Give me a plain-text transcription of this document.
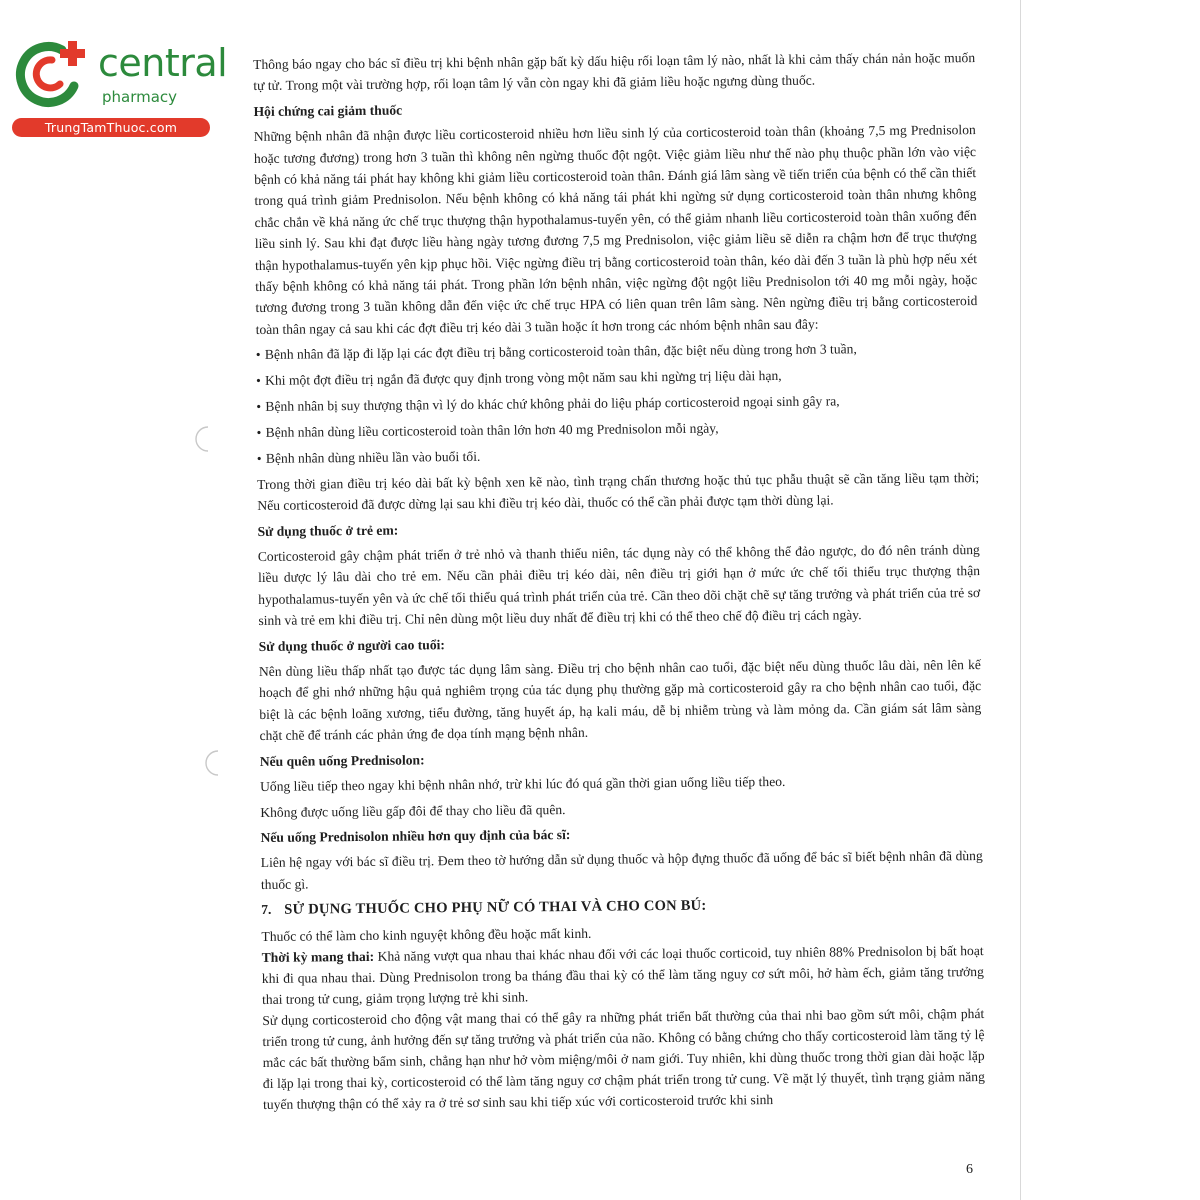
central
pharmacy
TrungTamThuoc.com

Thông báo ngay cho bác sĩ điều trị khi bệnh nhân gặp bất kỳ dấu hiệu rối loạn tâm lý nào, nhất là khi cảm thấy chán nản hoặc muốn tự tử. Trong một vài trường hợp, rối loạn tâm lý vẫn còn ngay khi đã giảm liều hoặc ngưng dùng thuốc.

Hội chứng cai giảm thuốc

Những bệnh nhân đã nhận được liều corticosteroid nhiều hơn liều sinh lý của corticosteroid toàn thân (khoảng 7,5 mg Prednisolon hoặc tương đương) trong hơn 3 tuần thì không nên ngừng thuốc đột ngột. Việc giảm liều như thế nào phụ thuộc phần lớn vào việc bệnh có khả năng tái phát hay không khi giảm liều corticosteroid toàn thân. Đánh giá lâm sàng về tiến triển của bệnh có thể cần thiết trong quá trình giảm Prednisolon. Nếu bệnh không có khả năng tái phát khi ngừng sử dụng corticosteroid toàn thân nhưng không chắc chắn về khả năng ức chế trục thượng thận hypothalamus-tuyến yên, có thể giảm nhanh liều corticosteroid toàn thân xuống đến liều sinh lý. Sau khi đạt được liều hàng ngày tương đương 7,5 mg Prednisolon, việc giảm liều sẽ diễn ra chậm hơn để trục thượng thận hypothalamus-tuyến yên kịp phục hồi. Việc ngừng điều trị bằng corticosteroid toàn thân, kéo dài đến 3 tuần là phù hợp nếu xét thấy bệnh không có khả năng tái phát. Trong phần lớn bệnh nhân, việc ngừng đột ngột liều Prednisolon tới 40 mg mỗi ngày, hoặc tương đương trong 3 tuần không dẫn đến việc ức chế trục HPA có liên quan trên lâm sàng. Nên ngừng điều trị bằng corticosteroid toàn thân ngay cả sau khi các đợt điều trị kéo dài 3 tuần hoặc ít hơn trong các nhóm bệnh nhân sau đây:

• Bệnh nhân đã lặp đi lặp lại các đợt điều trị bằng corticosteroid toàn thân, đặc biệt nếu dùng trong hơn 3 tuần,

• Khi một đợt điều trị ngắn đã được quy định trong vòng một năm sau khi ngừng trị liệu dài hạn,

• Bệnh nhân bị suy thượng thận vì lý do khác chứ không phải do liệu pháp corticosteroid ngoại sinh gây ra,

• Bệnh nhân dùng liều corticosteroid toàn thân lớn hơn 40 mg Prednisolon mỗi ngày,

• Bệnh nhân dùng nhiều lần vào buổi tối.

Trong thời gian điều trị kéo dài bất kỳ bệnh xen kẽ nào, tình trạng chấn thương hoặc thủ tục phẫu thuật sẽ cần tăng liều tạm thời; Nếu corticosteroid đã được dừng lại sau khi điều trị kéo dài, thuốc có thể cần phải được tạm thời dùng lại.

Sử dụng thuốc ở trẻ em:

Corticosteroid gây chậm phát triển ở trẻ nhỏ và thanh thiếu niên, tác dụng này có thể không thể đảo ngược, do đó nên tránh dùng liều dược lý lâu dài cho trẻ em. Nếu cần phải điều trị kéo dài, nên điều trị giới hạn ở mức ức chế tối thiểu trục thượng thận hypothalamus-tuyến yên và ức chế tối thiểu quá trình phát triển của trẻ. Cần theo dõi chặt chẽ sự tăng trưởng và phát triển của trẻ sơ sinh và trẻ em khi điều trị. Chỉ nên dùng một liều duy nhất để điều trị khi có thể theo chế độ điều trị cách ngày.

Sử dụng thuốc ở người cao tuổi:

Nên dùng liều thấp nhất tạo được tác dụng lâm sàng. Điều trị cho bệnh nhân cao tuổi, đặc biệt nếu dùng thuốc lâu dài, nên lên kế hoạch để ghi nhớ những hậu quả nghiêm trọng của tác dụng phụ thường gặp mà corticosteroid gây ra cho bệnh nhân cao tuổi, đặc biệt là các bệnh loãng xương, tiểu đường, tăng huyết áp, hạ kali máu, dễ bị nhiễm trùng và làm mỏng da. Cần giám sát lâm sàng chặt chẽ để tránh các phản ứng đe dọa tính mạng bệnh nhân.

Nếu quên uống Prednisolon:

Uống liều tiếp theo ngay khi bệnh nhân nhớ, trừ khi lúc đó quá gần thời gian uống liều tiếp theo.

Không được uống liều gấp đôi để thay cho liều đã quên.

Nếu uống Prednisolon nhiều hơn quy định của bác sĩ:

Liên hệ ngay với bác sĩ điều trị. Đem theo tờ hướng dẫn sử dụng thuốc và hộp đựng thuốc đã uống để bác sĩ biết bệnh nhân đã dùng thuốc gì.

7. SỬ DỤNG THUỐC CHO PHỤ NỮ CÓ THAI VÀ CHO CON BÚ:

Thuốc có thể làm cho kinh nguyệt không đều hoặc mất kinh.

Thời kỳ mang thai: Khả năng vượt qua nhau thai khác nhau đối với các loại thuốc corticoid, tuy nhiên 88% Prednisolon bị bất hoạt khi đi qua nhau thai. Dùng Prednisolon trong ba tháng đầu thai kỳ có thể làm tăng nguy cơ sứt môi, hở hàm ếch, giảm tăng trưởng thai trong tử cung, giảm trọng lượng trẻ khi sinh.

Sử dụng corticosteroid cho động vật mang thai có thể gây ra những phát triển bất thường của thai nhi bao gồm sứt môi, chậm phát triển trong tử cung, ảnh hưởng đến sự tăng trưởng và phát triển của não. Không có bằng chứng cho thấy corticosteroid làm tăng tỷ lệ mắc các bất thường bẩm sinh, chẳng hạn như hở vòm miệng/môi ở nam giới. Tuy nhiên, khi dùng thuốc trong thời gian dài hoặc lặp đi lặp lại trong thai kỳ, corticosteroid có thể làm tăng nguy cơ chậm phát triển trong tử cung. Về mặt lý thuyết, tình trạng giảm năng tuyến thượng thận có thể xảy ra ở trẻ sơ sinh sau khi tiếp xúc với corticosteroid trước khi sinh

6
